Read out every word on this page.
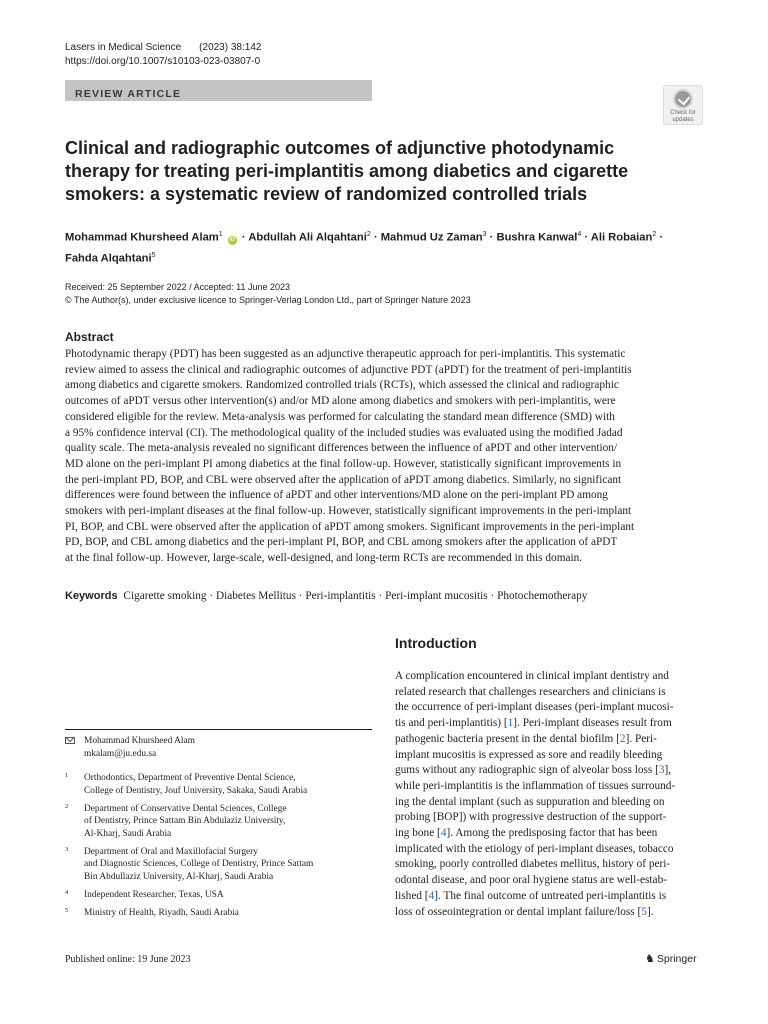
Lasers in Medical Science (2023) 38:142
https://doi.org/10.1007/s10103-023-03807-0
REVIEW ARTICLE
Check for
updates
Clinical and radiographic outcomes of adjunctive photodynamic
therapy for treating peri‑implantitis among diabetics and cigarette
smokers: a systematic review of randomized controlled trials
Mohammad Khursheed Alam$^1$ iD · Abdullah Ali Alqahtani$^2$ · Mahmud Uz Zaman$^3$ · Bushra Kanwal$^4$ · Ali Robaian$^2$ ·
Fahda Alqahtani$^5$
Received: 25 September 2022 / Accepted: 11 June 2023
© The Author(s), under exclusive licence to Springer-Verlag London Ltd., part of Springer Nature 2023
Abstract
Photodynamic therapy (PDT) has been suggested as an adjunctive therapeutic approach for peri-implantitis. This systematic
review aimed to assess the clinical and radiographic outcomes of adjunctive PDT (aPDT) for the treatment of peri-implantitis
among diabetics and cigarette smokers. Randomized controlled trials (RCTs), which assessed the clinical and radiographic
outcomes of aPDT versus other intervention(s) and/or MD alone among diabetics and smokers with peri-implantitis, were
considered eligible for the review. Meta-analysis was performed for calculating the standard mean difference (SMD) with
a 95% confidence interval (CI). The methodological quality of the included studies was evaluated using the modified Jadad
quality scale. The meta-analysis revealed no significant differences between the influence of aPDT and other intervention/
MD alone on the peri-implant PI among diabetics at the final follow-up. However, statistically significant improvements in
the peri-implant PD, BOP, and CBL were observed after the application of aPDT among diabetics. Similarly, no significant
differences were found between the influence of aPDT and other interventions/MD alone on the peri-implant PD among
smokers with peri-implant diseases at the final follow-up. However, statistically significant improvements in the peri-implant
PI, BOP, and CBL were observed after the application of aPDT among smokers. Significant improvements in the peri-implant
PD, BOP, and CBL among diabetics and the peri-implant PI, BOP, and CBL among smokers after the application of aPDT
at the final follow-up. However, large-scale, well-designed, and long-term RCTs are recommended in this domain.
Keywords Cigarette smoking · Diabetes Mellitus · Peri-implantitis · Peri-implant mucositis · Photochemotherapy
Introduction
A complication encountered in clinical implant dentistry and
related research that challenges researchers and clinicians is
the occurrence of peri-implant diseases (peri-implant mucosi-
tis and peri-implantitis) [1]. Peri-implant diseases result from
pathogenic bacteria present in the dental biofilm [2]. Peri-
implant mucositis is expressed as sore and readily bleeding
gums without any radiographic sign of alveolar boss loss [3],
while peri-implantitis is the inflammation of tissues surround-
ing the dental implant (such as suppuration and bleeding on
probing [BOP]) with progressive destruction of the support-
ing bone [4]. Among the predisposing factor that has been
implicated with the etiology of peri-implant diseases, tobacco
smoking, poorly controlled diabetes mellitus, history of peri-
odontal disease, and poor oral hygiene status are well-estab-
lished [4]. The final outcome of untreated peri-implantitis is
loss of osseointegration or dental implant failure/loss [5].
Mohammad Khursheed Alam
mkalam@ju.edu.sa
1 Orthodontics, Department of Preventive Dental Science,
College of Dentistry, Jouf University, Sakaka, Saudi Arabia
2 Department of Conservative Dental Sciences, College
of Dentistry, Prince Sattam Bin Abdulaziz University,
Al-Kharj, Saudi Arabia
3 Department of Oral and Maxillofacial Surgery
and Diagnostic Sciences, College of Dentistry, Prince Sattam
Bin Abdullaziz University, Al-Kharj, Saudi Arabia
4 Independent Researcher, Texas, USA
5 Ministry of Health, Riyadh, Saudi Arabia
Published online: 19 June 2023	♞ Springer
